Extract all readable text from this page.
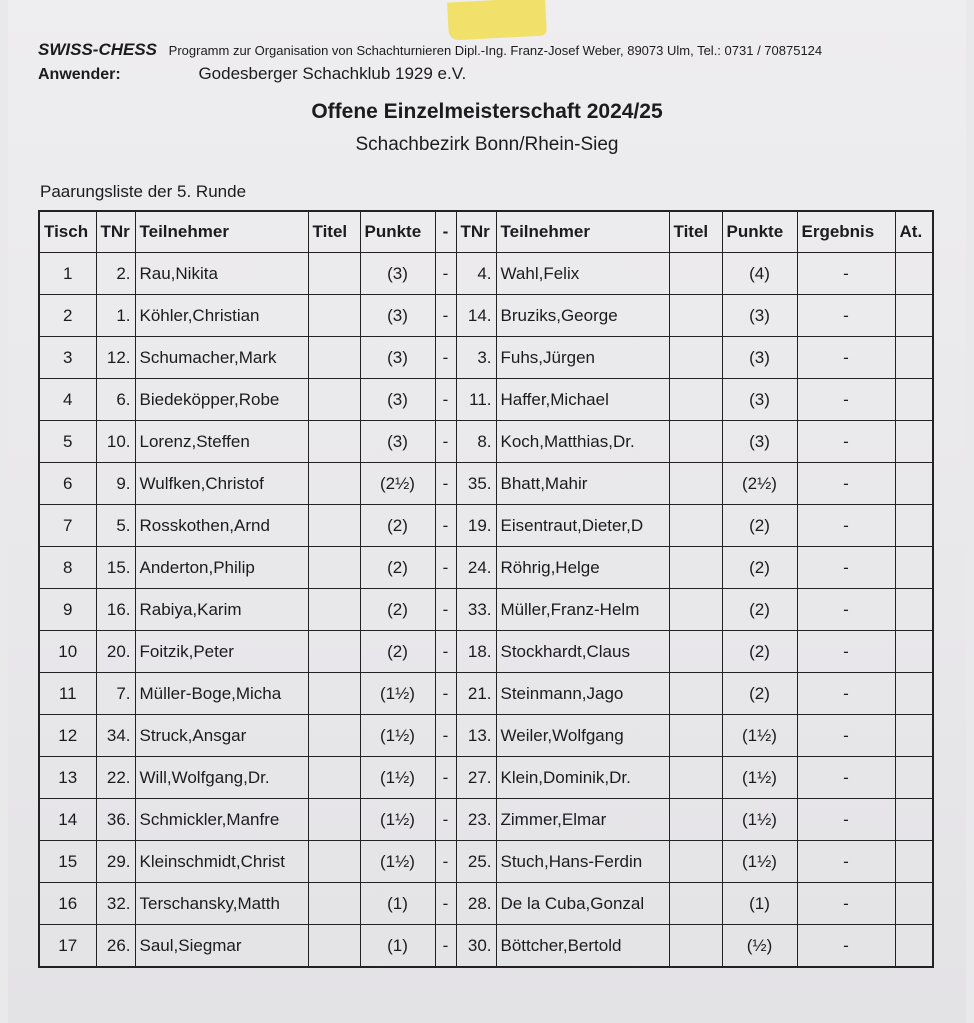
SWISS-CHESS Programm zur Organisation von Schachturnieren Dipl.-Ing. Franz-Josef Weber, 89073 Ulm, Tel.: 0731 / 70875124
Anwender:	Godesberger Schachklub 1929 e.V.
Offene Einzelmeisterschaft 2024/25
Schachbezirk Bonn/Rhein-Sieg
Paarungsliste der 5. Runde
Tisch	TNr	Teilnehmer	Titel	Punkte	-	TNr	Teilnehmer	Titel	Punkte	Ergebnis	At.
1	2.	Rau,Nikita		(3)	-	4.	Wahl,Felix		(4)	-	
2	1.	Köhler,Christian		(3)	-	14.	Bruziks,George		(3)	-	
3	12.	Schumacher,Mark		(3)	-	3.	Fuhs,Jürgen		(3)	-	
4	6.	Biedeköpper,Robe		(3)	-	11.	Haffer,Michael		(3)	-	
5	10.	Lorenz,Steffen		(3)	-	8.	Koch,Matthias,Dr.		(3)	-	
6	9.	Wulfken,Christof		(2½)	-	35.	Bhatt,Mahir		(2½)	-	
7	5.	Rosskothen,Arnd		(2)	-	19.	Eisentraut,Dieter,D		(2)	-	
8	15.	Anderton,Philip		(2)	-	24.	Röhrig,Helge		(2)	-	
9	16.	Rabiya,Karim		(2)	-	33.	Müller,Franz-Helm		(2)	-	
10	20.	Foitzik,Peter		(2)	-	18.	Stockhardt,Claus		(2)	-	
11	7.	Müller-Boge,Micha		(1½)	-	21.	Steinmann,Jago		(2)	-	
12	34.	Struck,Ansgar		(1½)	-	13.	Weiler,Wolfgang		(1½)	-	
13	22.	Will,Wolfgang,Dr.		(1½)	-	27.	Klein,Dominik,Dr.		(1½)	-	
14	36.	Schmickler,Manfre		(1½)	-	23.	Zimmer,Elmar		(1½)	-	
15	29.	Kleinschmidt,Christ		(1½)	-	25.	Stuch,Hans-Ferdin		(1½)	-	
16	32.	Terschansky,Matth		(1)	-	28.	De la Cuba,Gonzal		(1)	-	
17	26.	Saul,Siegmar		(1)	-	30.	Böttcher,Bertold		(½)	-	
